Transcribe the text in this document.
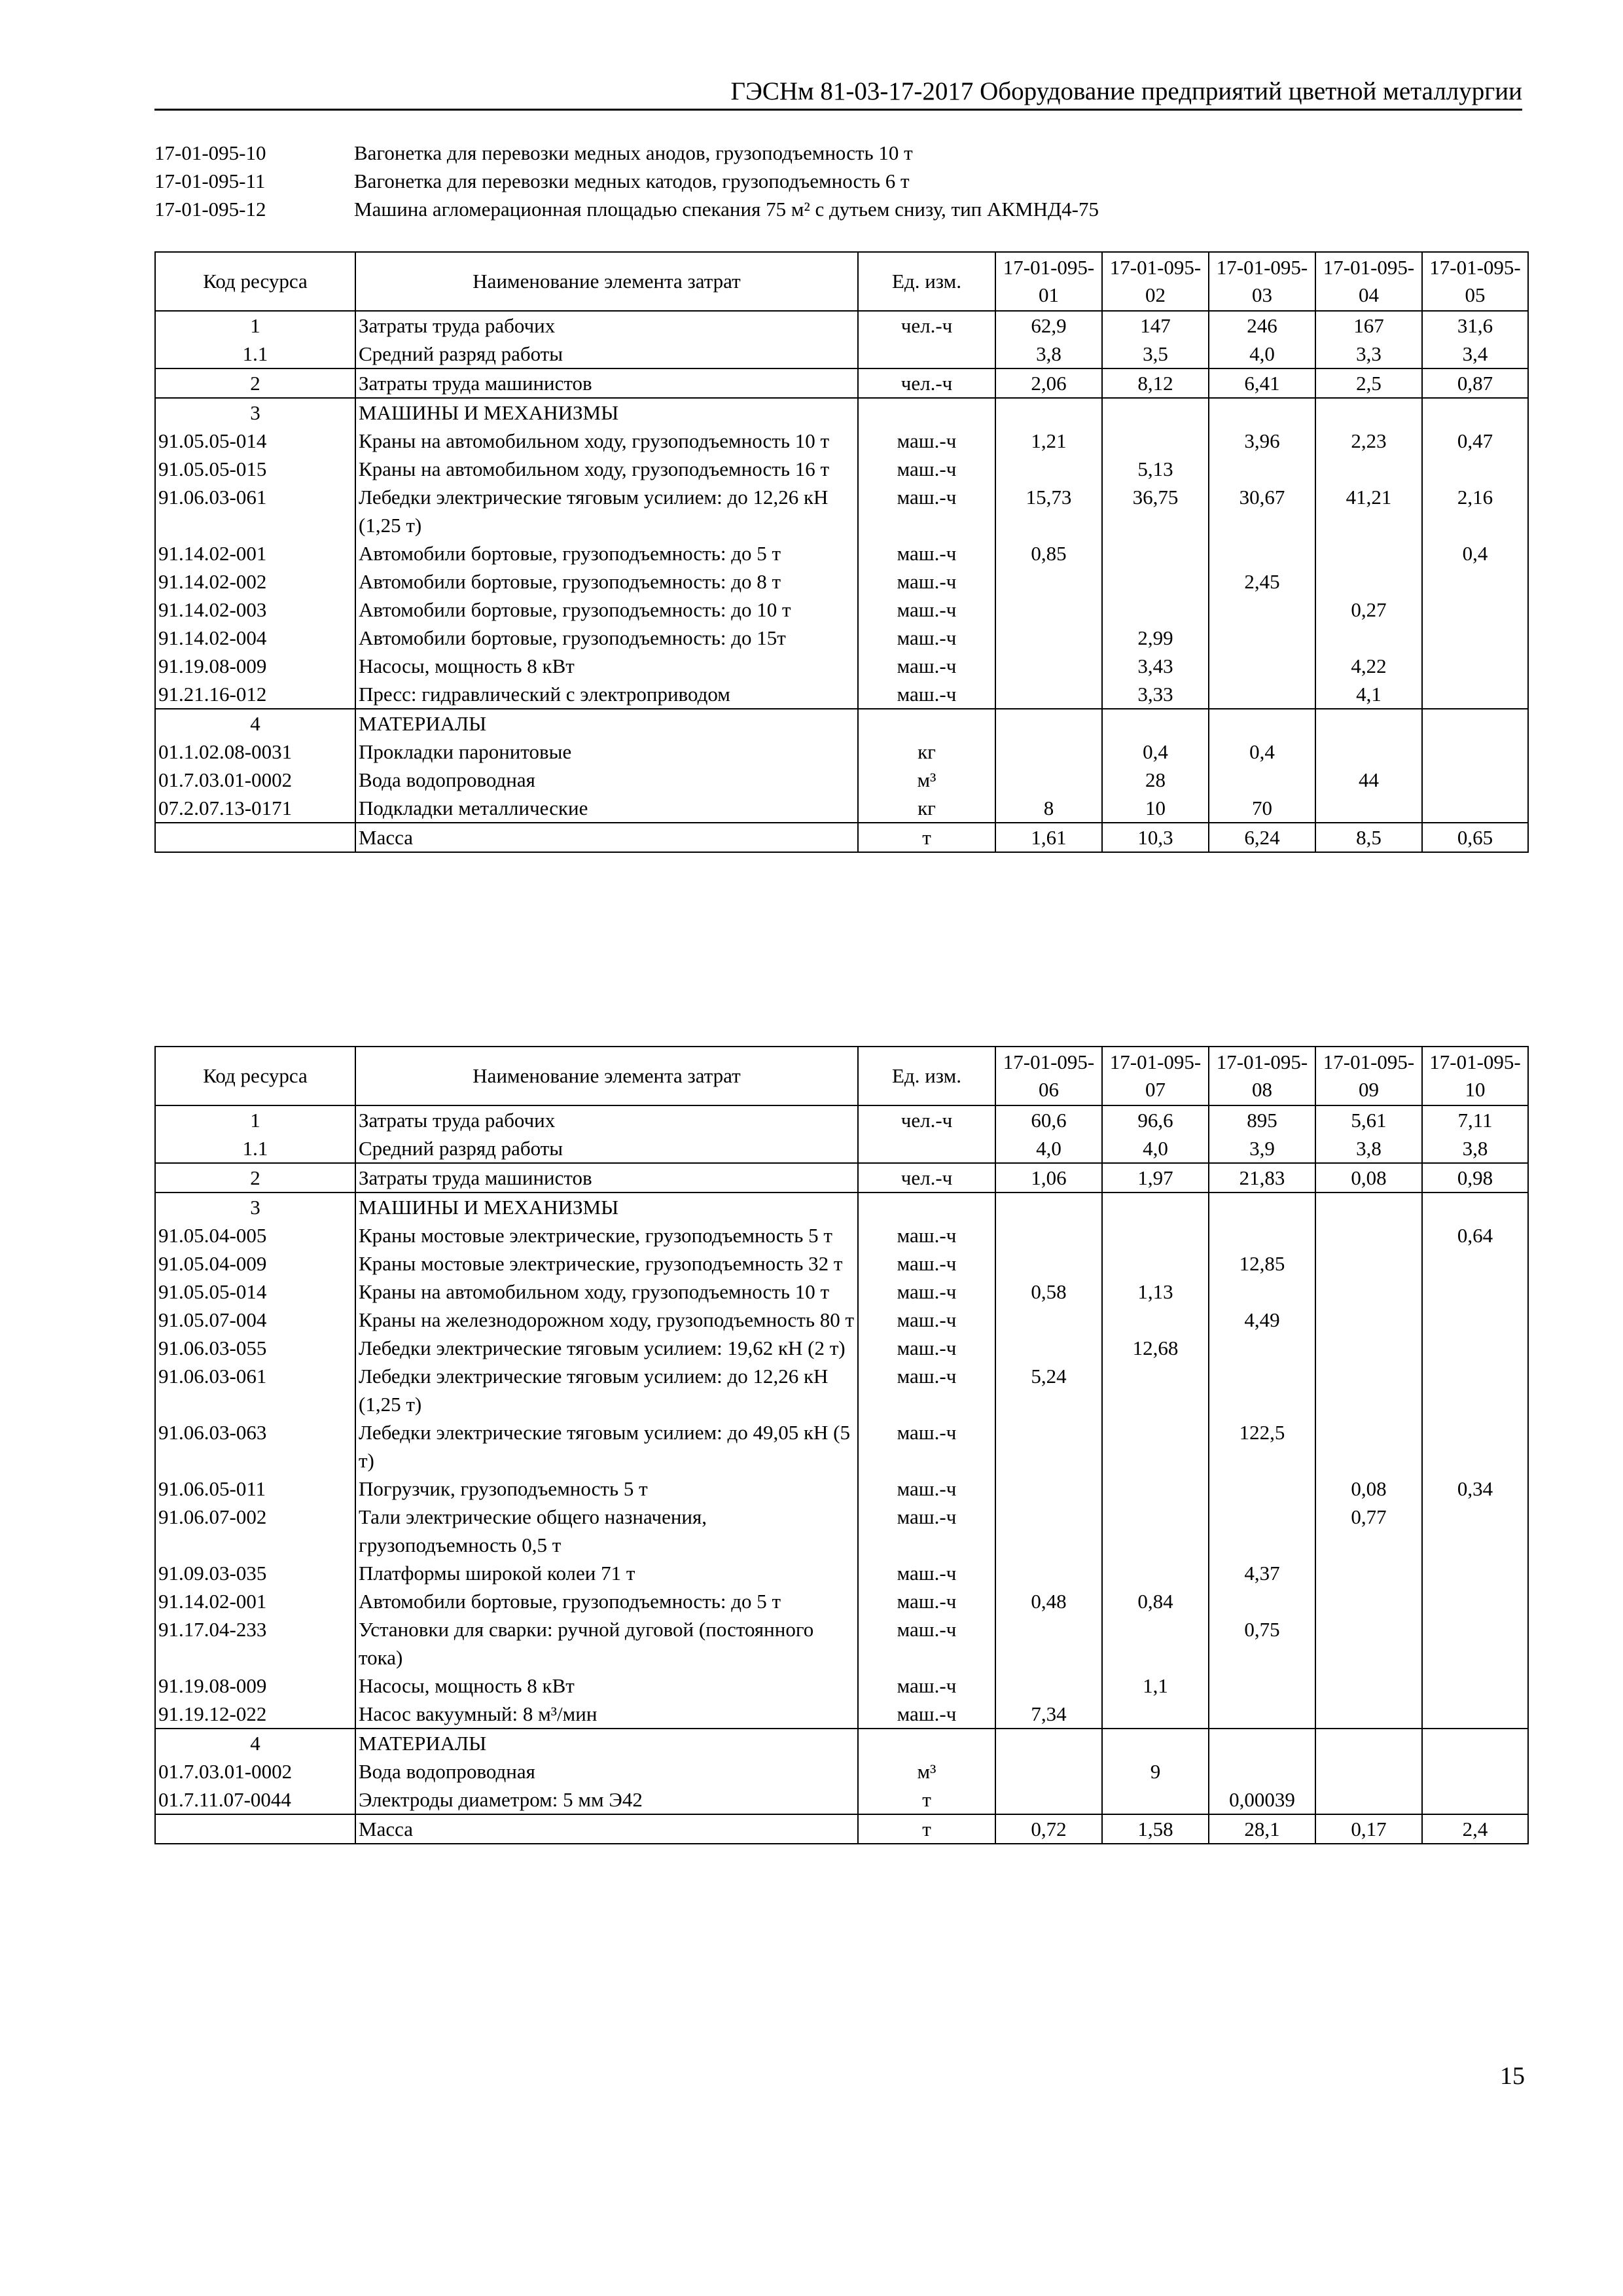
ГЭСНм 81-03-17-2017 Оборудование предприятий цветной металлургии
17-01-095-10	Вагонетка для перевозки медных анодов, грузоподъемность 10 т
17-01-095-11	Вагонетка для перевозки медных катодов, грузоподъемность 6 т
17-01-095-12	Машина агломерационная площадью спекания 75 м² с дутьем снизу, тип АКМНД4-75
Код ресурса	Наименование элемента затрат	Ед. изм.	17-01-095-01	17-01-095-02	17-01-095-03	17-01-095-04	17-01-095-05
1	Затраты труда рабочих	чел.-ч	62,9	147	246	167	31,6
1.1	Средний разряд работы		3,8	3,5	4,0	3,3	3,4
2	Затраты труда машинистов	чел.-ч	2,06	8,12	6,41	2,5	0,87
3	МАШИНЫ И МЕХАНИЗМЫ						
91.05.05-014	Краны на автомобильном ходу, грузоподъемность 10 т	маш.-ч	1,21		3,96	2,23	0,47
91.05.05-015	Краны на автомобильном ходу, грузоподъемность 16 т	маш.-ч		5,13			
91.06.03-061	Лебедки электрические тяговым усилием: до 12,26 кН (1,25 т)	маш.-ч	15,73	36,75	30,67	41,21	2,16
91.14.02-001	Автомобили бортовые, грузоподъемность: до 5 т	маш.-ч	0,85				0,4
91.14.02-002	Автомобили бортовые, грузоподъемность: до 8 т	маш.-ч			2,45		
91.14.02-003	Автомобили бортовые, грузоподъемность: до 10 т	маш.-ч				0,27	
91.14.02-004	Автомобили бортовые, грузоподъемность: до 15т	маш.-ч		2,99			
91.19.08-009	Насосы, мощность 8 кВт	маш.-ч		3,43		4,22	
91.21.16-012	Пресс: гидравлический с электроприводом	маш.-ч		3,33		4,1	
4	МАТЕРИАЛЫ						
01.1.02.08-0031	Прокладки паронитовые	кг		0,4	0,4		
01.7.03.01-0002	Вода водопроводная	м³		28		44	
07.2.07.13-0171	Подкладки металлические	кг	8	10	70		
	Масса	т	1,61	10,3	6,24	8,5	0,65
Код ресурса	Наименование элемента затрат	Ед. изм.	17-01-095-06	17-01-095-07	17-01-095-08	17-01-095-09	17-01-095-10
1	Затраты труда рабочих	чел.-ч	60,6	96,6	895	5,61	7,11
1.1	Средний разряд работы		4,0	4,0	3,9	3,8	3,8
2	Затраты труда машинистов	чел.-ч	1,06	1,97	21,83	0,08	0,98
3	МАШИНЫ И МЕХАНИЗМЫ						
91.05.04-005	Краны мостовые электрические, грузоподъемность 5 т	маш.-ч					0,64
91.05.04-009	Краны мостовые электрические, грузоподъемность 32 т	маш.-ч			12,85		
91.05.05-014	Краны на автомобильном ходу, грузоподъемность 10 т	маш.-ч	0,58	1,13			
91.05.07-004	Краны на железнодорожном ходу, грузоподъемность 80 т	маш.-ч			4,49		
91.06.03-055	Лебедки электрические тяговым усилием: 19,62 кН (2 т)	маш.-ч		12,68			
91.06.03-061	Лебедки электрические тяговым усилием: до 12,26 кН (1,25 т)	маш.-ч	5,24				
91.06.03-063	Лебедки электрические тяговым усилием: до 49,05 кН (5 т)	маш.-ч			122,5		
91.06.05-011	Погрузчик, грузоподъемность 5 т	маш.-ч				0,08	0,34
91.06.07-002	Тали электрические общего назначения, грузоподъемность 0,5 т	маш.-ч				0,77	
91.09.03-035	Платформы широкой колеи 71 т	маш.-ч			4,37		
91.14.02-001	Автомобили бортовые, грузоподъемность: до 5 т	маш.-ч	0,48	0,84			
91.17.04-233	Установки для сварки: ручной дуговой (постоянного тока)	маш.-ч			0,75		
91.19.08-009	Насосы, мощность 8 кВт	маш.-ч		1,1			
91.19.12-022	Насос вакуумный: 8 м³/мин	маш.-ч	7,34				
4	МАТЕРИАЛЫ						
01.7.03.01-0002	Вода водопроводная	м³		9			
01.7.11.07-0044	Электроды диаметром: 5 мм Э42	т			0,00039		
	Масса	т	0,72	1,58	28,1	0,17	2,4
15
